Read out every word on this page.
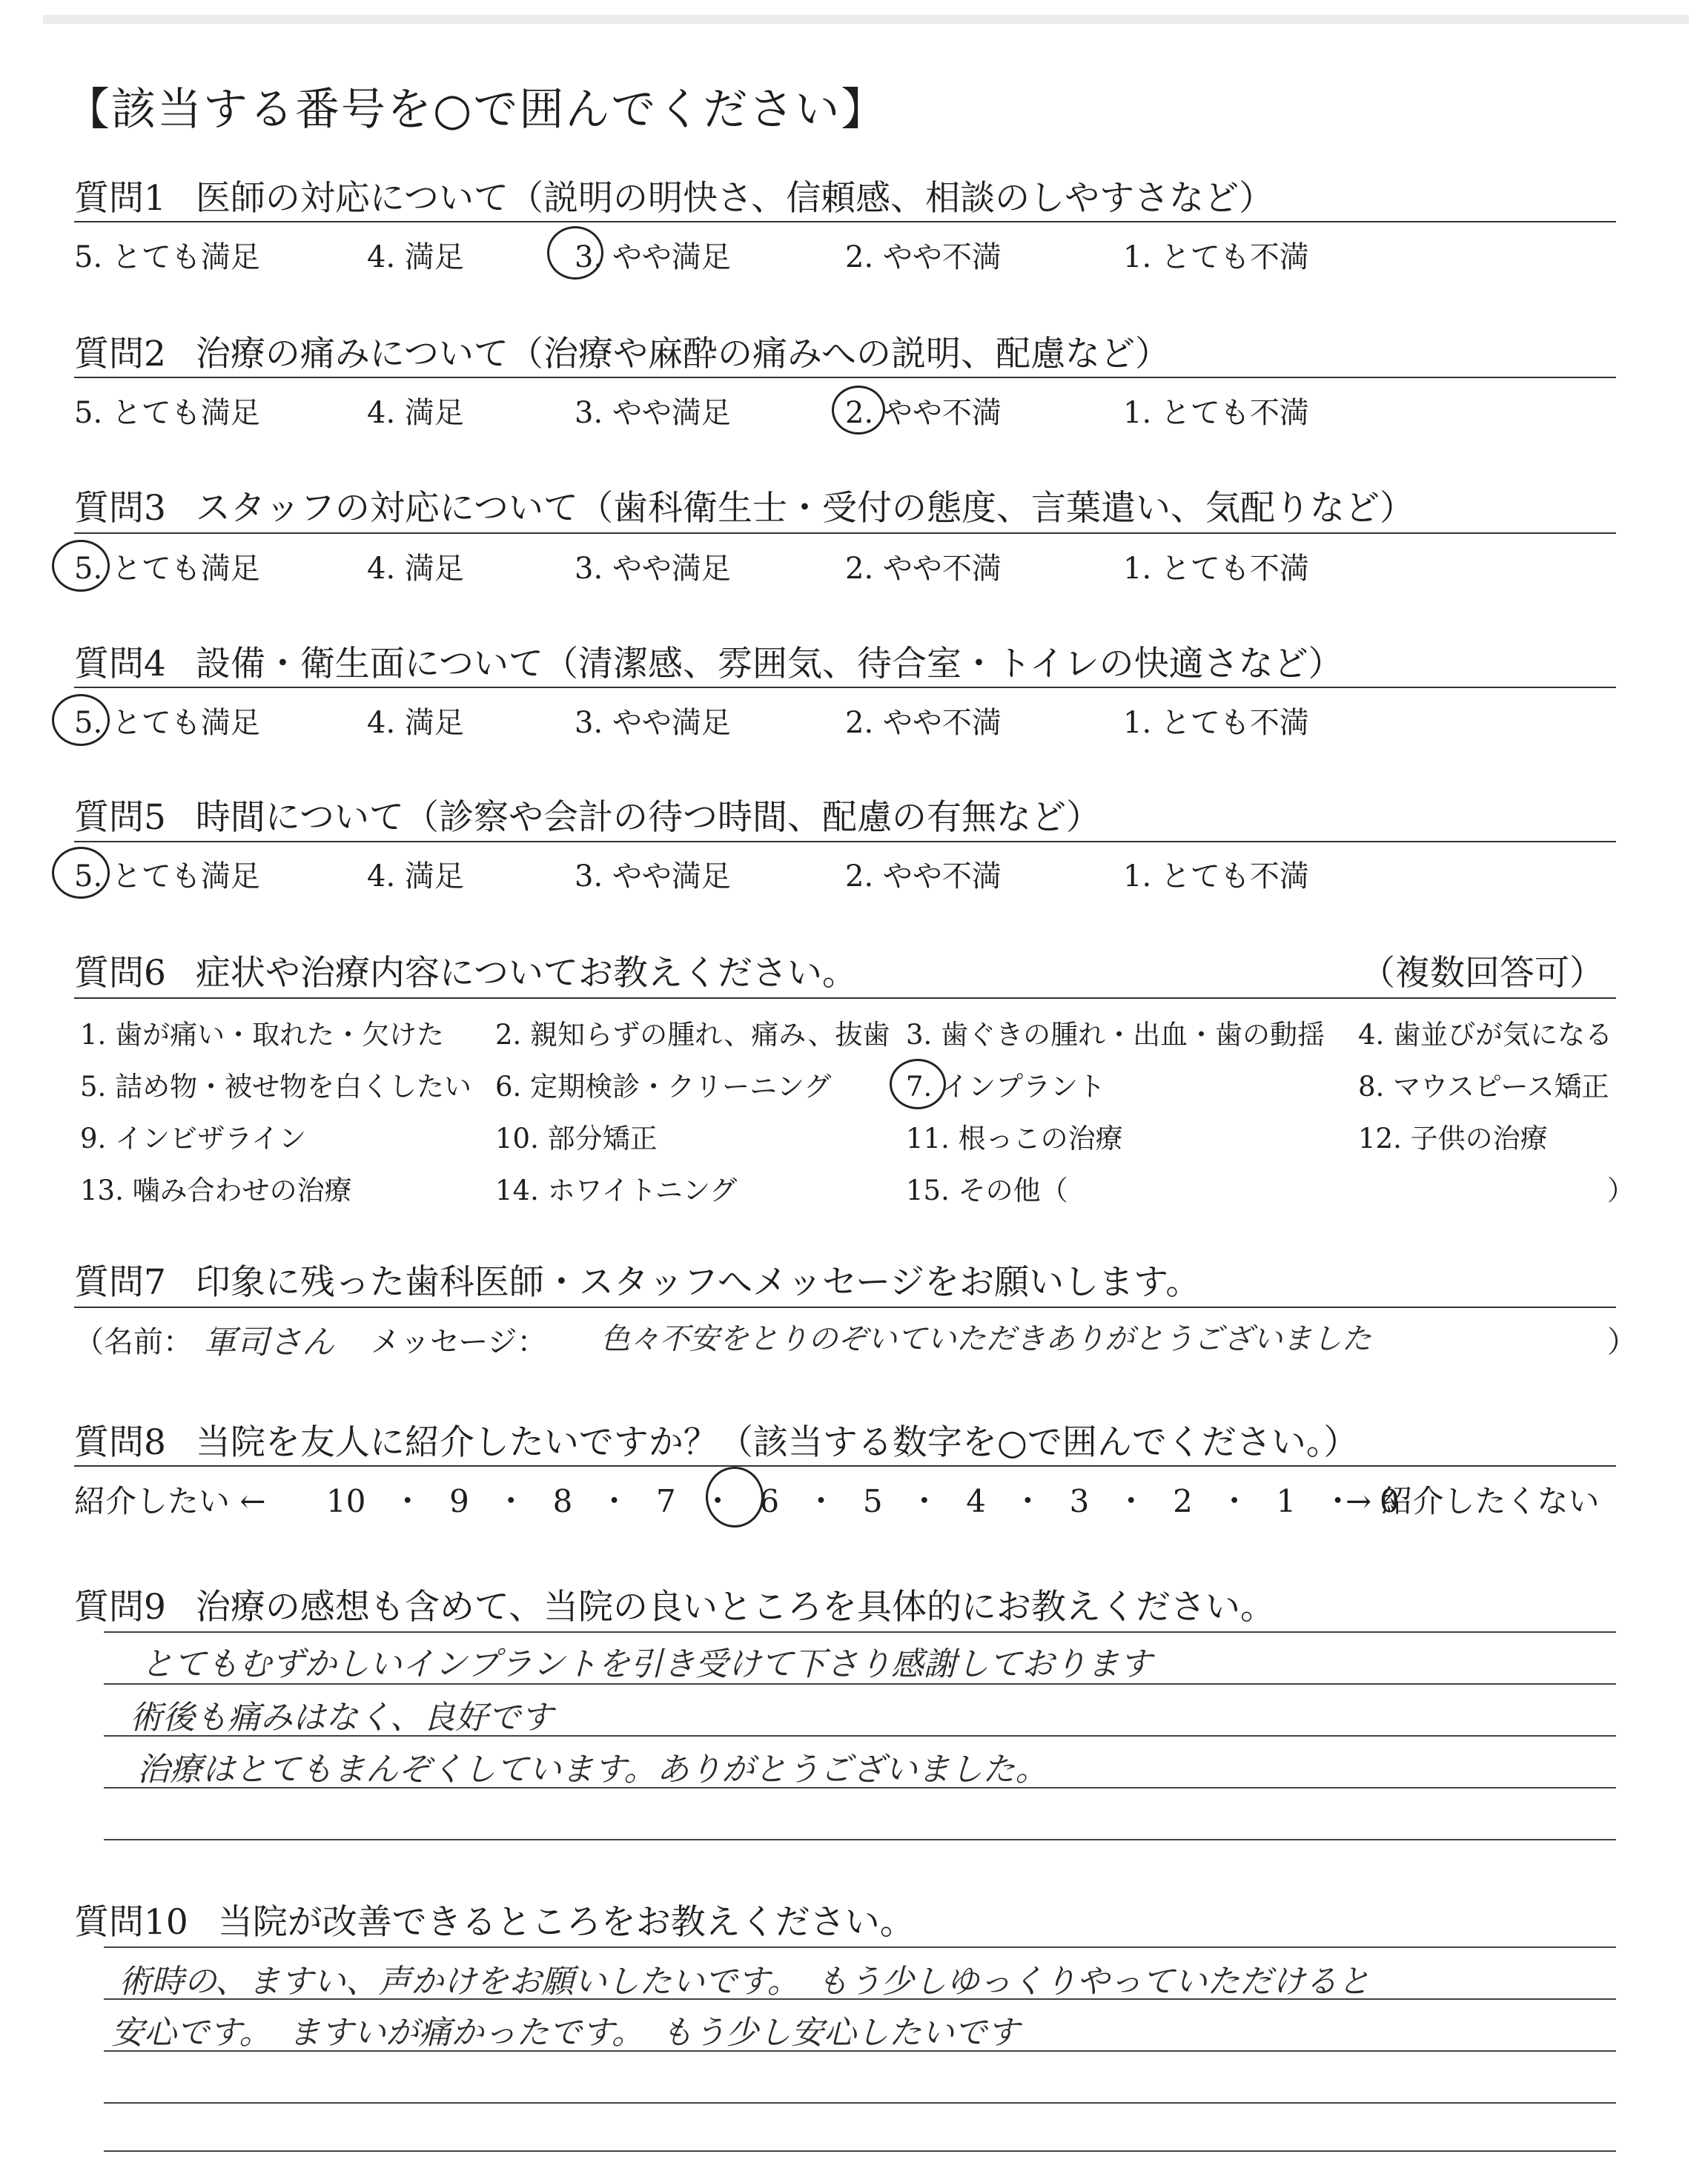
【該当する番号を○で囲んでください】
質問1 医師の対応について（説明の明快さ、信頼感、相談のしやすさなど）
5. とても満足	4. 満足	3. やや満足	2. やや不満	1. とても不満
質問2 治療の痛みについて（治療や麻酔の痛みへの説明、配慮など）
5. とても満足	4. 満足	3. やや満足	2. やや不満	1. とても不満
質問3 スタッフの対応について（歯科衛生士・受付の態度、言葉遣い、気配りなど）
5. とても満足	4. 満足	3. やや満足	2. やや不満	1. とても不満
質問4 設備・衛生面について（清潔感、雰囲気、待合室・トイレの快適さなど）
5. とても満足	4. 満足	3. やや満足	2. やや不満	1. とても不満
質問5 時間について（診察や会計の待つ時間、配慮の有無など）
5. とても満足	4. 満足	3. やや満足	2. やや不満	1. とても不満
質問6 症状や治療内容についてお教えください。	（複数回答可）
1. 歯が痛い・取れた・欠けた 2. 親知らずの腫れ、痛み、抜歯 3. 歯ぐきの腫れ・出血・歯の動揺 4. 歯並びが気になる
5. 詰め物・被せ物を白くしたい 6. 定期検診・クリーニング	7. インプラント	8. マウスピース矯正
9. インビザライン	10. 部分矯正	11. 根っこの治療	12. 子供の治療
13. 噛み合わせの治療	14. ホワイトニング	15. その他（	）
質問7 印象に残った歯科医師・スタッフへメッセージをお願いします。
（名前： 軍司さん メッセージ： 色々不安をとりのぞいていただきありがとうございました	）
質問8 当院を友人に紹介したいですか？（該当する数字を○で囲んでください。）
紹介したい ← 10 ・ 9 ・ 8 ・ 7 ・ 6 ・ 5 ・ 4 ・ 3 ・ 2 ・ 1 ・ 0
→ 紹介したくない
質問9 治療の感想も含めて、当院の良いところを具体的にお教えください。
とてもむずかしいインプラントを引き受けて下さり感謝しております
術後も痛みはなく、良好です
治療はとてもまんぞくしています。ありがとうございました。
質問10 当院が改善できるところをお教えください。
術時の、ますい、声かけをお願いしたいです。　もう少しゆっくりやっていただけると
安心です。　ますいが痛かったです。　もう少し安心したいです
